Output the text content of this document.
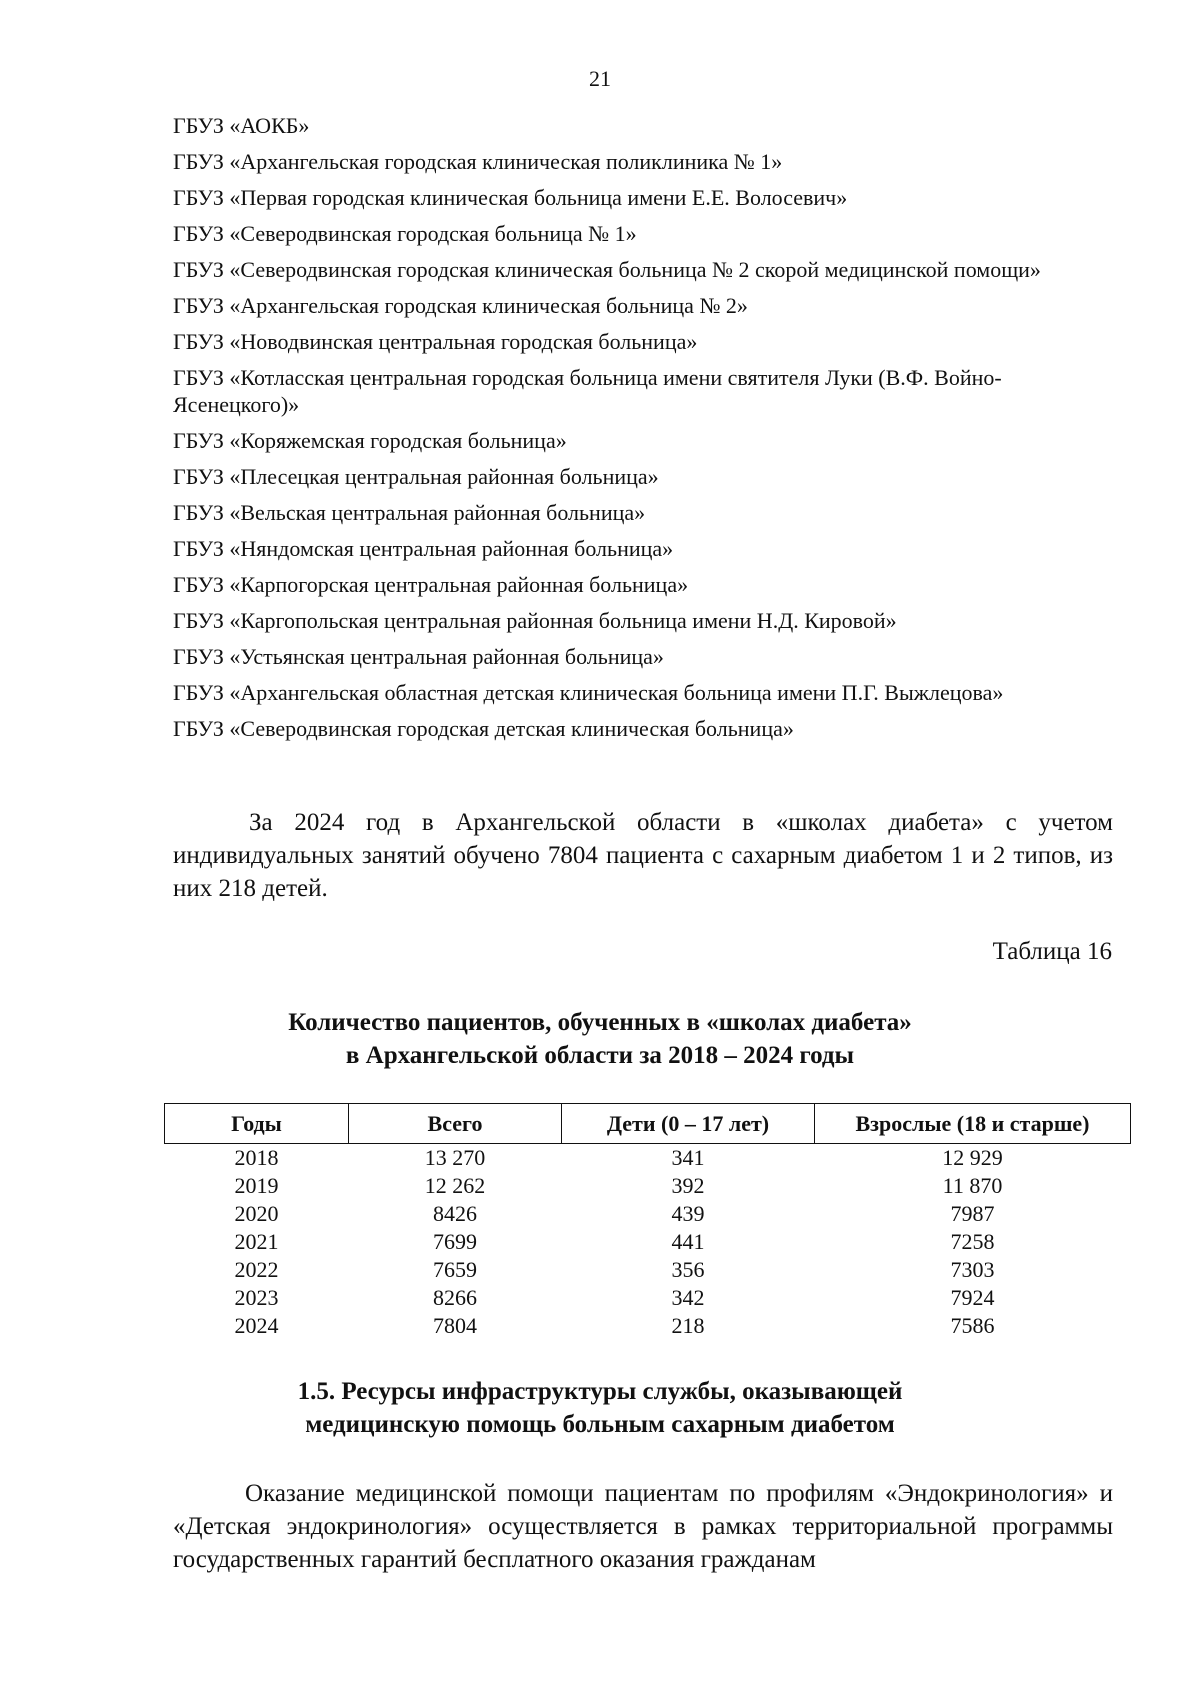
21
ГБУЗ «АОКБ»
ГБУЗ «Архангельская городская клиническая поликлиника № 1»
ГБУЗ «Первая городская клиническая больница имени Е.Е. Волосевич»
ГБУЗ «Северодвинская городская больница № 1»
ГБУЗ «Северодвинская городская клиническая больница № 2 скорой медицинской помощи»
ГБУЗ «Архангельская городская клиническая больница № 2»
ГБУЗ «Новодвинская центральная городская больница»
ГБУЗ «Котласская центральная городская больница имени святителя Луки (В.Ф. Войно-Ясенецкого)»
ГБУЗ «Коряжемская городская больница»
ГБУЗ «Плесецкая центральная районная больница»
ГБУЗ «Вельская центральная районная больница»
ГБУЗ «Няндомская центральная районная больница»
ГБУЗ «Карпогорская центральная районная больница»
ГБУЗ «Каргопольская центральная районная больница имени Н.Д. Кировой»
ГБУЗ «Устьянская центральная районная больница»
ГБУЗ «Архангельская областная детская клиническая больница имени П.Г. Выжлецова»
ГБУЗ «Северодвинская городская детская клиническая больница»

За 2024 год в Архангельской области в «школах диабета» с учетом индивидуальных занятий обучено 7804 пациента с сахарным диабетом 1 и 2 типов, из них 218 детей.

Таблица 16
Количество пациентов, обученных в «школах диабета»
в Архангельской области за 2018 – 2024 годы
Годы	Всего	Дети (0 – 17 лет)	Взрослые (18 и старше)
2018	13 270	341	12 929
2019	12 262	392	11 870
2020	8426	439	7987
2021	7699	441	7258
2022	7659	356	7303
2023	8266	342	7924
2024	7804	218	7586
1.5. Ресурсы инфраструктуры службы, оказывающей
медицинскую помощь больным сахарным диабетом

Оказание медицинской помощи пациентам по профилям «Эндокринология» и «Детская эндокринология» осуществляется в рамках территориальной программы государственных гарантий бесплатного оказания гражданам
